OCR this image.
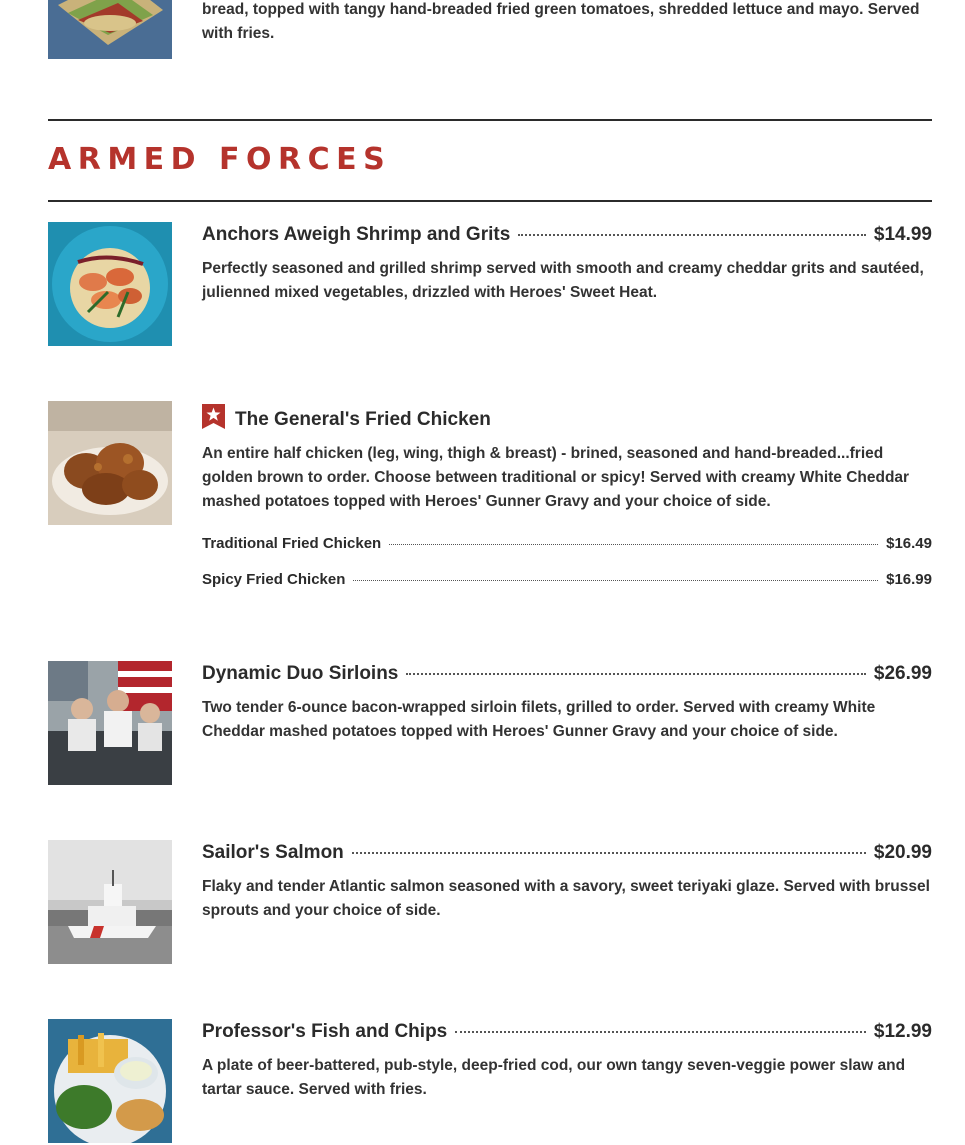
bread, topped with tangy hand-breaded fried green tomatoes, shredded lettuce and mayo. Served with fries.
ARMED FORCES
Anchors Aweigh Shrimp and Grits	$14.99
Perfectly seasoned and grilled shrimp served with smooth and creamy cheddar grits and sautéed, julienned mixed vegetables, drizzled with Heroes' Sweet Heat.
The General's Fried Chicken
An entire half chicken (leg, wing, thigh & breast) - brined, seasoned and hand-breaded...fried golden brown to order. Choose between traditional or spicy! Served with creamy White Cheddar mashed potatoes topped with Heroes' Gunner Gravy and your choice of side.
Traditional Fried Chicken	$16.49
Spicy Fried Chicken	$16.99
Dynamic Duo Sirloins	$26.99
Two tender 6-ounce bacon-wrapped sirloin filets, grilled to order. Served with creamy White Cheddar mashed potatoes topped with Heroes' Gunner Gravy and your choice of side.
Sailor's Salmon	$20.99
Flaky and tender Atlantic salmon seasoned with a savory, sweet teriyaki glaze. Served with brussel sprouts and your choice of side.
Professor's Fish and Chips	$12.99
A plate of beer-battered, pub-style, deep-fried cod, our own tangy seven-veggie power slaw and tartar sauce. Served with fries.
